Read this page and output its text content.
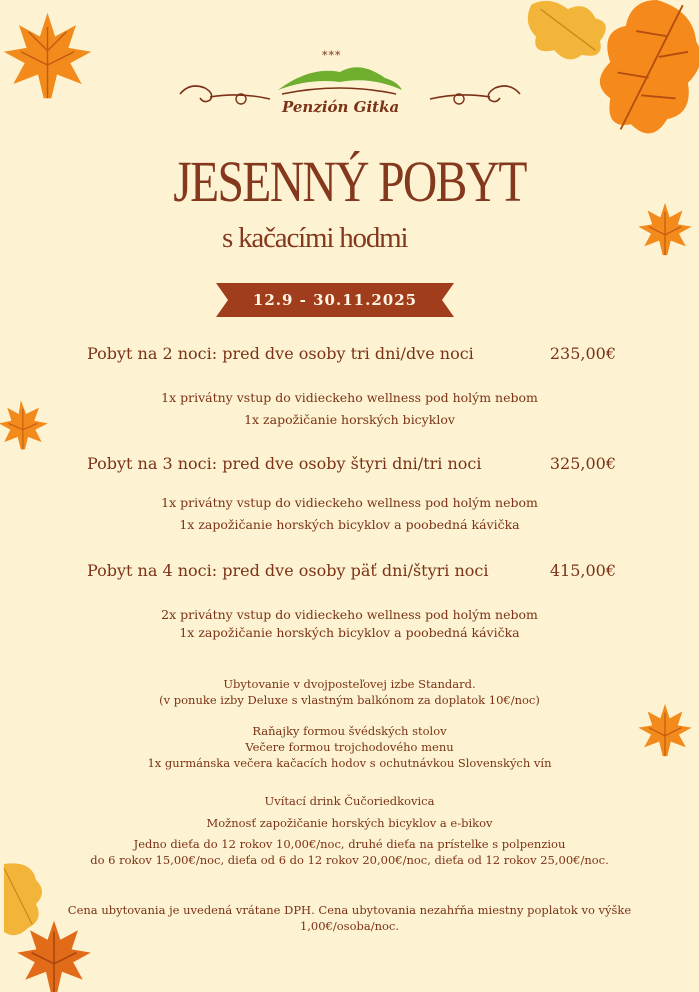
***
Penzión Gitka
JESENNÝ POBYT
s kačacími hodmi
12.9 - 30.11.2025
Pobyt na 2 noci: pred dve osoby tri dni/dve noci	235,00€
1x privátny vstup do vidieckeho wellness pod holým nebom
1x zapožičanie horských bicyklov
Pobyt na 3 noci: pred dve osoby štyri dni/tri noci	325,00€
1x privátny vstup do vidieckeho wellness pod holým nebom
1x zapožičanie horských bicyklov a poobedná kávička
Pobyt na 4 noci: pred dve osoby päť dni/štyri noci	415,00€
2x privátny vstup do vidieckeho wellness pod holým nebom
1x zapožičanie horských bicyklov a poobedná kávička
Ubytovanie v dvojposteľovej izbe Standard.
(v ponuke izby Deluxe s vlastným balkónom za doplatok 10€/noc)
Raňajky formou švédských stolov
Večere formou trojchodového menu
1x gurmánska večera kačacích hodov s ochutnávkou Slovenských vín
Uvítací drink Čučoriedkovica
Možnosť zapožičanie horských bicyklov a e-bikov
Jedno dieťa do 12 rokov 10,00€/noc, druhé dieťa na prístelke s polpenziou
do 6 rokov 15,00€/noc, dieťa od 6 do 12 rokov 20,00€/noc, dieťa od 12 rokov 25,00€/noc.
Cena ubytovania je uvedená vrátane DPH. Cena ubytovania nezahŕňa miestny poplatok vo výške
1,00€/osoba/noc.
